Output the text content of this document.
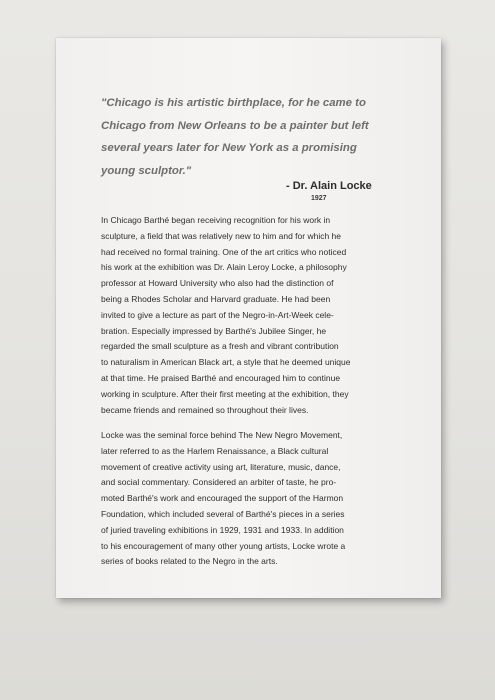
"Chicago is his artistic birthplace, for he came to
Chicago from New Orleans to be a painter but left
several years later for New York as a promising
young sculptor."
- Dr. Alain Locke
1927

In Chicago Barthé began receiving recognition for his work in

sculpture, a field that was relatively new to him and for which he

had received no formal training. One of the art critics who noticed

his work at the exhibition was Dr. Alain Leroy Locke, a philosophy

professor at Howard University who also had the distinction of

being a Rhodes Scholar and Harvard graduate. He had been

invited to give a lecture as part of the Negro-in-Art-Week cele-

bration. Especially impressed by Barthé's Jubilee Singer, he

regarded the small sculpture as a fresh and vibrant contribution

to naturalism in American Black art, a style that he deemed unique

at that time. He praised Barthé and encouraged him to continue

working in sculpture. After their first meeting at the exhibition, they

became friends and remained so throughout their lives.

Locke was the seminal force behind The New Negro Movement,

later referred to as the Harlem Renaissance, a Black cultural

movement of creative activity using art, literature, music, dance,

and social commentary. Considered an arbiter of taste, he pro-

moted Barthé's work and encouraged the support of the Harmon

Foundation, which included several of Barthé's pieces in a series

of juried traveling exhibitions in 1929, 1931 and 1933. In addition

to his encouragement of many other young artists, Locke wrote a

series of books related to the Negro in the arts.
